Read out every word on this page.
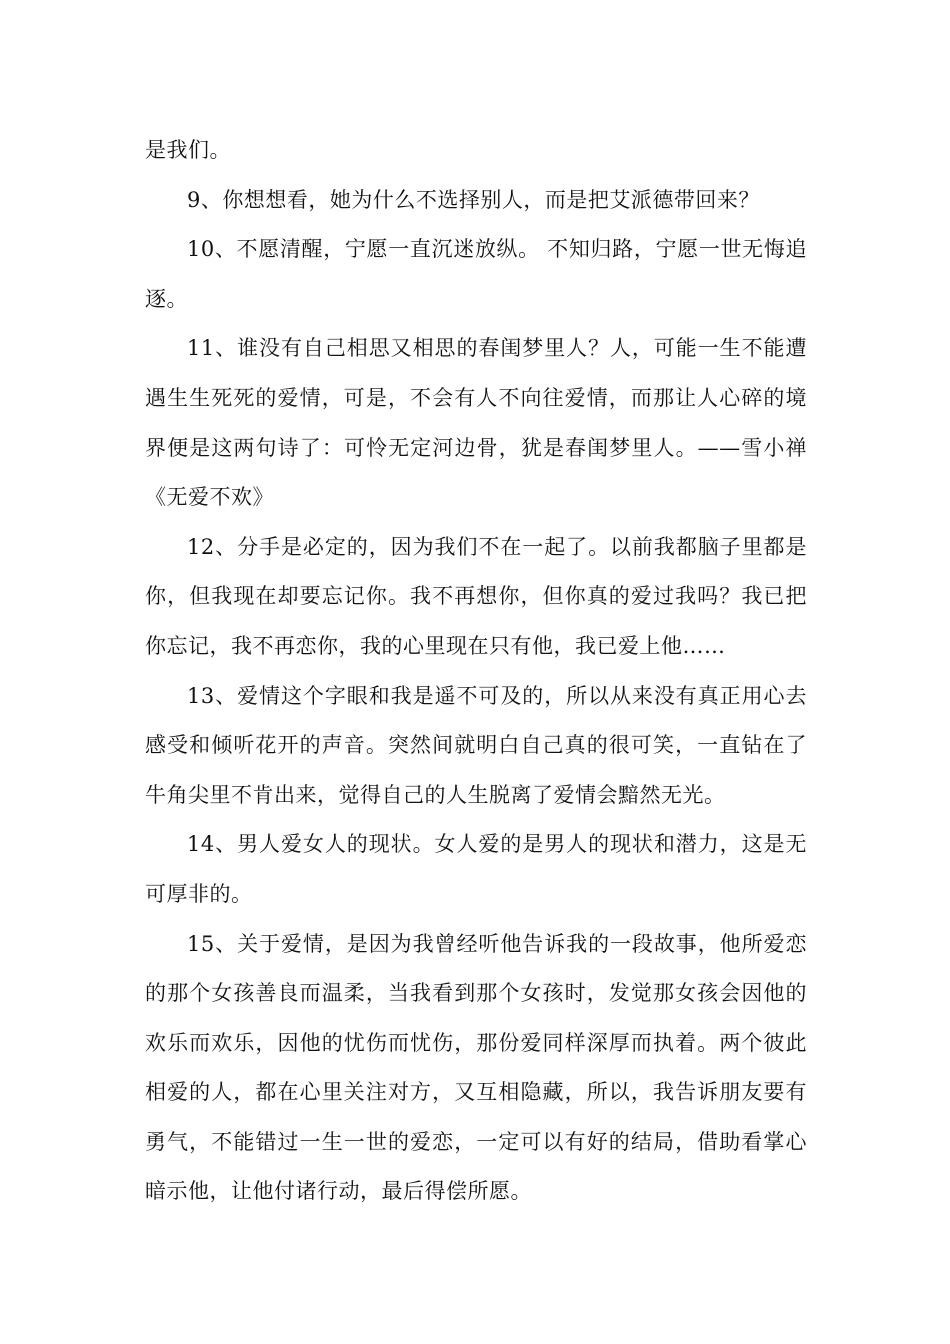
是我们。

9、你想想看，她为什么不选择别人，而是把艾派德带回来？

10、不愿清醒，宁愿一直沉迷放纵。 不知归路，宁愿一世无悔追逐。

11、谁没有自己相思又相思的春闺梦里人？人，可能一生不能遭遇生生死死的爱情，可是，不会有人不向往爱情，而那让人心碎的境界便是这两句诗了：可怜无定河边骨，犹是春闺梦里人。——雪小禅《无爱不欢》

12、分手是必定的，因为我们不在一起了。以前我都脑子里都是你，但我现在却要忘记你。我不再想你，但你真的爱过我吗？我已把你忘记，我不再恋你，我的心里现在只有他，我已爱上他……

13、爱情这个字眼和我是遥不可及的，所以从来没有真正用心去感受和倾听花开的声音。突然间就明白自己真的很可笑，一直钻在了牛角尖里不肯出来，觉得自己的人生脱离了爱情会黯然无光。

14、男人爱女人的现状。女人爱的是男人的现状和潜力，这是无可厚非的。

15、关于爱情，是因为我曾经听他告诉我的一段故事，他所爱恋的那个女孩善良而温柔，当我看到那个女孩时，发觉那女孩会因他的欢乐而欢乐，因他的忧伤而忧伤，那份爱同样深厚而执着。两个彼此相爱的人，都在心里关注对方，又互相隐藏，所以，我告诉朋友要有勇气，不能错过一生一世的爱恋，一定可以有好的结局，借助看掌心暗示他，让他付诸行动，最后得偿所愿。
